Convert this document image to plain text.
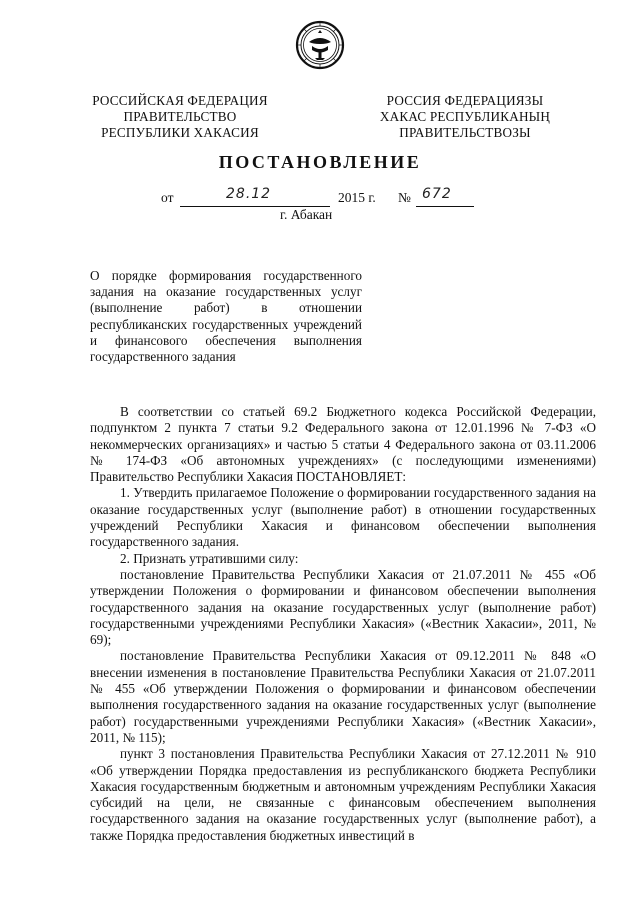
РОССИЙСКАЯ ФЕДЕРАЦИЯ
ПРАВИТЕЛЬСТВО
РЕСПУБЛИКИ ХАКАСИЯ
РОССИЯ ФЕДЕРАЦИЯЗЫ
ХАКАС РЕСПУБЛИКАНЫҢ
ПРАВИТЕЛЬСТВОЗЫ
ПОСТАНОВЛЕНИЕ
от	28.12	2015 г. № 672
г. Абакан

О порядке формирования государственного задания на оказание государственных услуг (выполнение работ) в отношении республиканских государственных учреждений и финансового обеспечения выполнения государственного задания

В соответствии со статьей 69.2 Бюджетного кодекса Российской Федерации, подпунктом 2 пункта 7 статьи 9.2 Федерального закона от 12.01.1996 № 7-ФЗ «О некоммерческих организациях» и частью 5 статьи 4 Федерального закона от 03.11.2006 № 174-ФЗ «Об автономных учреждениях» (с последующими изменениями) Правительство Республики Хакасия ПОСТАНОВЛЯЕТ:

1. Утвердить прилагаемое Положение о формировании государственного задания на оказание государственных услуг (выполнение работ) в отношении государственных учреждений Республики Хакасия и финансовом обеспечении выполнения государственного задания.

2. Признать утратившими силу:

постановление Правительства Республики Хакасия от 21.07.2011 № 455 «Об утверждении Положения о формировании и финансовом обеспечении выполнения государственного задания на оказание государственных услуг (выполнение работ) государственными учреждениями Республики Хакасия» («Вестник Хакасии», 2011, № 69);

постановление Правительства Республики Хакасия от 09.12.2011 № 848 «О внесении изменения в постановление Правительства Республики Хакасия от 21.07.2011 № 455 «Об утверждении Положения о формировании и финансовом обеспечении выполнения государственного задания на оказание государственных услуг (выполнение работ) государственными учреждениями Республики Хакасия» («Вестник Хакасии», 2011, № 115);

пункт 3 постановления Правительства Республики Хакасия от 27.12.2011 № 910 «Об утверждении Порядка предоставления из республиканского бюджета Республики Хакасия государственным бюджетным и автономным учреждениям Республики Хакасия субсидий на цели, не связанные с финансовым обеспечением выполнения государственного задания на оказание государственных услуг (выполнение работ), а также Порядка предоставления бюджетных инвестиций в
